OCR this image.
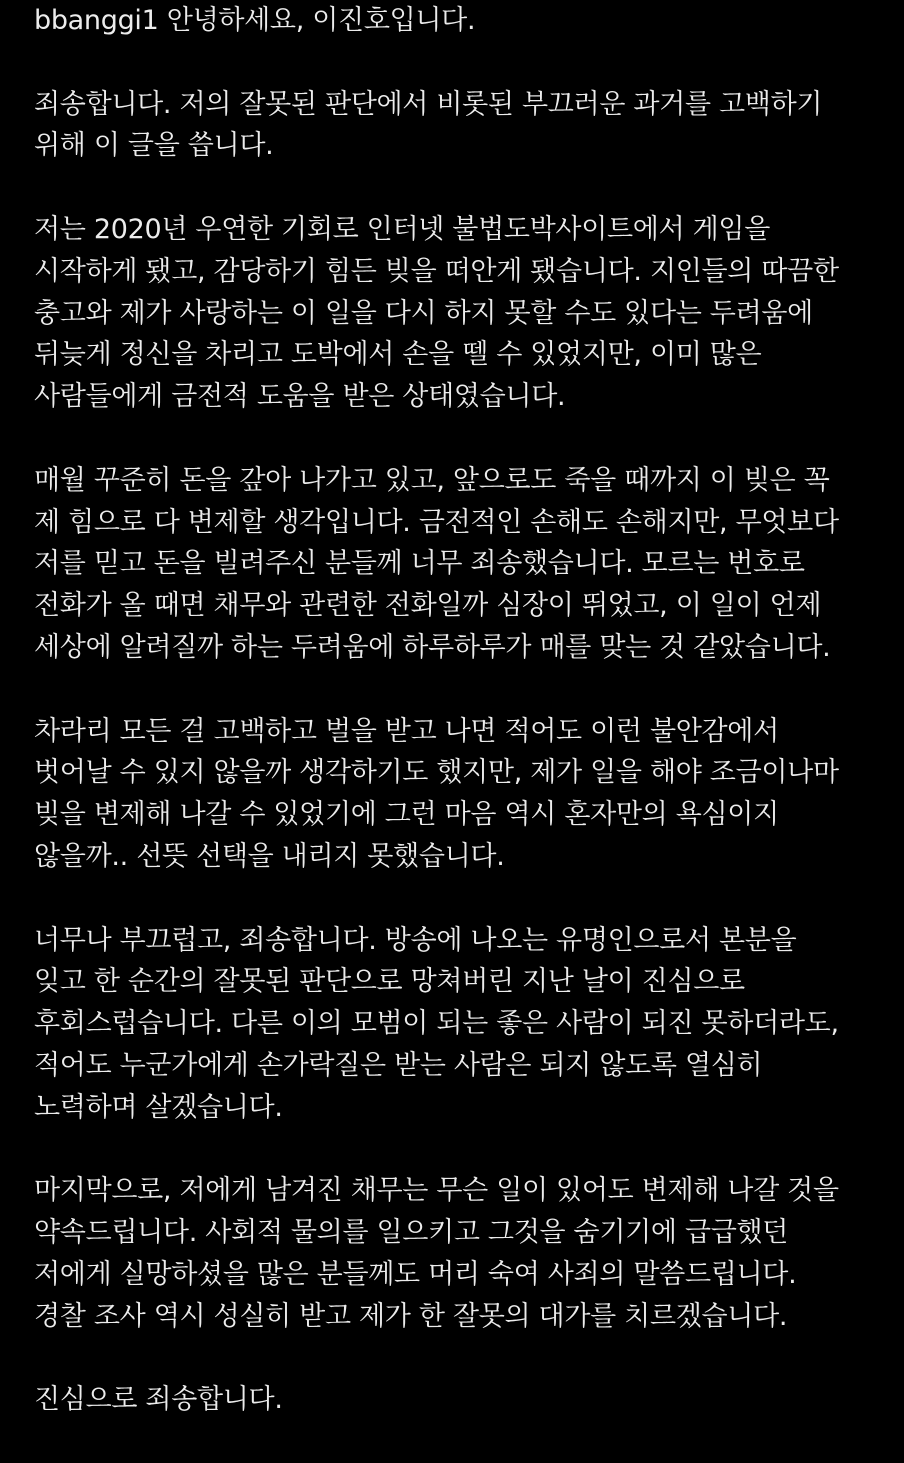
bbanggi1 안녕하세요, 이진호입니다.
죄송합니다. 저의 잘못된 판단에서 비롯된 부끄러운 과거를 고백하기
위해 이 글을 씁니다.
저는 2020년 우연한 기회로 인터넷 불법도박사이트에서 게임을
시작하게 됐고, 감당하기 힘든 빚을 떠안게 됐습니다. 지인들의 따끔한
충고와 제가 사랑하는 이 일을 다시 하지 못할 수도 있다는 두려움에
뒤늦게 정신을 차리고 도박에서 손을 뗄 수 있었지만, 이미 많은
사람들에게 금전적 도움을 받은 상태였습니다.
매월 꾸준히 돈을 갚아 나가고 있고, 앞으로도 죽을 때까지 이 빚은 꼭
제 힘으로 다 변제할 생각입니다. 금전적인 손해도 손해지만, 무엇보다
저를 믿고 돈을 빌려주신 분들께 너무 죄송했습니다. 모르는 번호로
전화가 올 때면 채무와 관련한 전화일까 심장이 뛰었고, 이 일이 언제
세상에 알려질까 하는 두려움에 하루하루가 매를 맞는 것 같았습니다.
차라리 모든 걸 고백하고 벌을 받고 나면 적어도 이런 불안감에서
벗어날 수 있지 않을까 생각하기도 했지만, 제가 일을 해야 조금이나마
빚을 변제해 나갈 수 있었기에 그런 마음 역시 혼자만의 욕심이지
않을까.. 선뜻 선택을 내리지 못했습니다.
너무나 부끄럽고, 죄송합니다. 방송에 나오는 유명인으로서 본분을
잊고 한 순간의 잘못된 판단으로 망쳐버린 지난 날이 진심으로
후회스럽습니다. 다른 이의 모범이 되는 좋은 사람이 되진 못하더라도,
적어도 누군가에게 손가락질은 받는 사람은 되지 않도록 열심히
노력하며 살겠습니다.
마지막으로, 저에게 남겨진 채무는 무슨 일이 있어도 변제해 나갈 것을
약속드립니다. 사회적 물의를 일으키고 그것을 숨기기에 급급했던
저에게 실망하셨을 많은 분들께도 머리 숙여 사죄의 말씀드립니다.
경찰 조사 역시 성실히 받고 제가 한 잘못의 대가를 치르겠습니다.
진심으로 죄송합니다.
